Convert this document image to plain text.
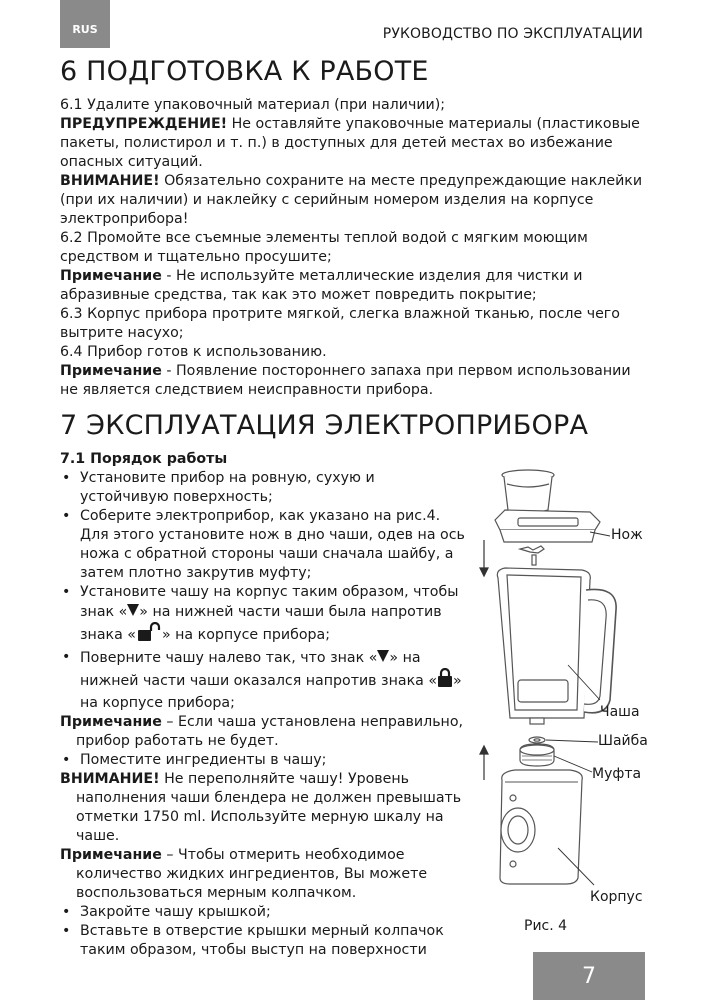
RUS	РУКОВОДСТВО ПО ЭКСПЛУАТАЦИИ
6 ПОДГОТОВКА К РАБОТЕ

6.1 Удалите упаковочный материал (при наличии);

ПРЕДУПРЕЖДЕНИЕ! Не оставляйте упаковочные материалы (пластиковые пакеты, полистирол и т. п.) в доступных для детей местах во избежание опасных ситуаций.

ВНИМАНИЕ! Обязательно сохраните на месте предупреждающие наклейки (при их наличии) и наклейку с серийным номером изделия на корпусе электроприбора!

6.2 Промойте все съемные элементы теплой водой с мягким моющим средством и тщательно просушите;

Примечание - Не используйте металлические изделия для чистки и абразивные средства, так как это может повредить покрытие;

6.3 Корпус прибора протрите мягкой, слегка влажной тканью, после чего вытрите насухо;

6.4 Прибор готов к использованию.

Примечание - Появление постороннего запаха при первом использовании не является следствием неисправности прибора.

7 ЭКСПЛУАТАЦИЯ ЭЛЕКТРОПРИБОРА

7.1 Порядок работы

• Установите прибор на ровную, сухую и устойчивую поверхность;

• Соберите электроприбор, как указано на рис.4. Для этого установите нож в дно чаши, одев на ось ножа с обратной стороны чаши сначала шайбу, а затем плотно закрутив муфту;

• Установите чашу на корпус таким образом, чтобы знак « » на нижней части чаши была напротив знака « » на корпусе прибора;

• Поверните чашу налево так, что знак « » на нижней части чаши оказался напротив знака « » на корпусе прибора;

Примечание – Если чаша установлена неправильно, прибор работать не будет.

• Поместите ингредиенты в чашу;

ВНИМАНИЕ! Не переполняйте чашу! Уровень наполнения чаши блендера не должен превышать отметки 1750 ml. Используйте мерную шкалу на чаше.

Примечание – Чтобы отмерить необходимое количество жидких ингредиентов, Вы можете воспользоваться мерным колпачком.

• Закройте чашу крышкой;

• Вставьте в отверстие крышки мерный колпачок таким образом, чтобы выступ на поверхности

Нож
Чаша
Шайба
Муфта
Корпус
Рис. 4
7
